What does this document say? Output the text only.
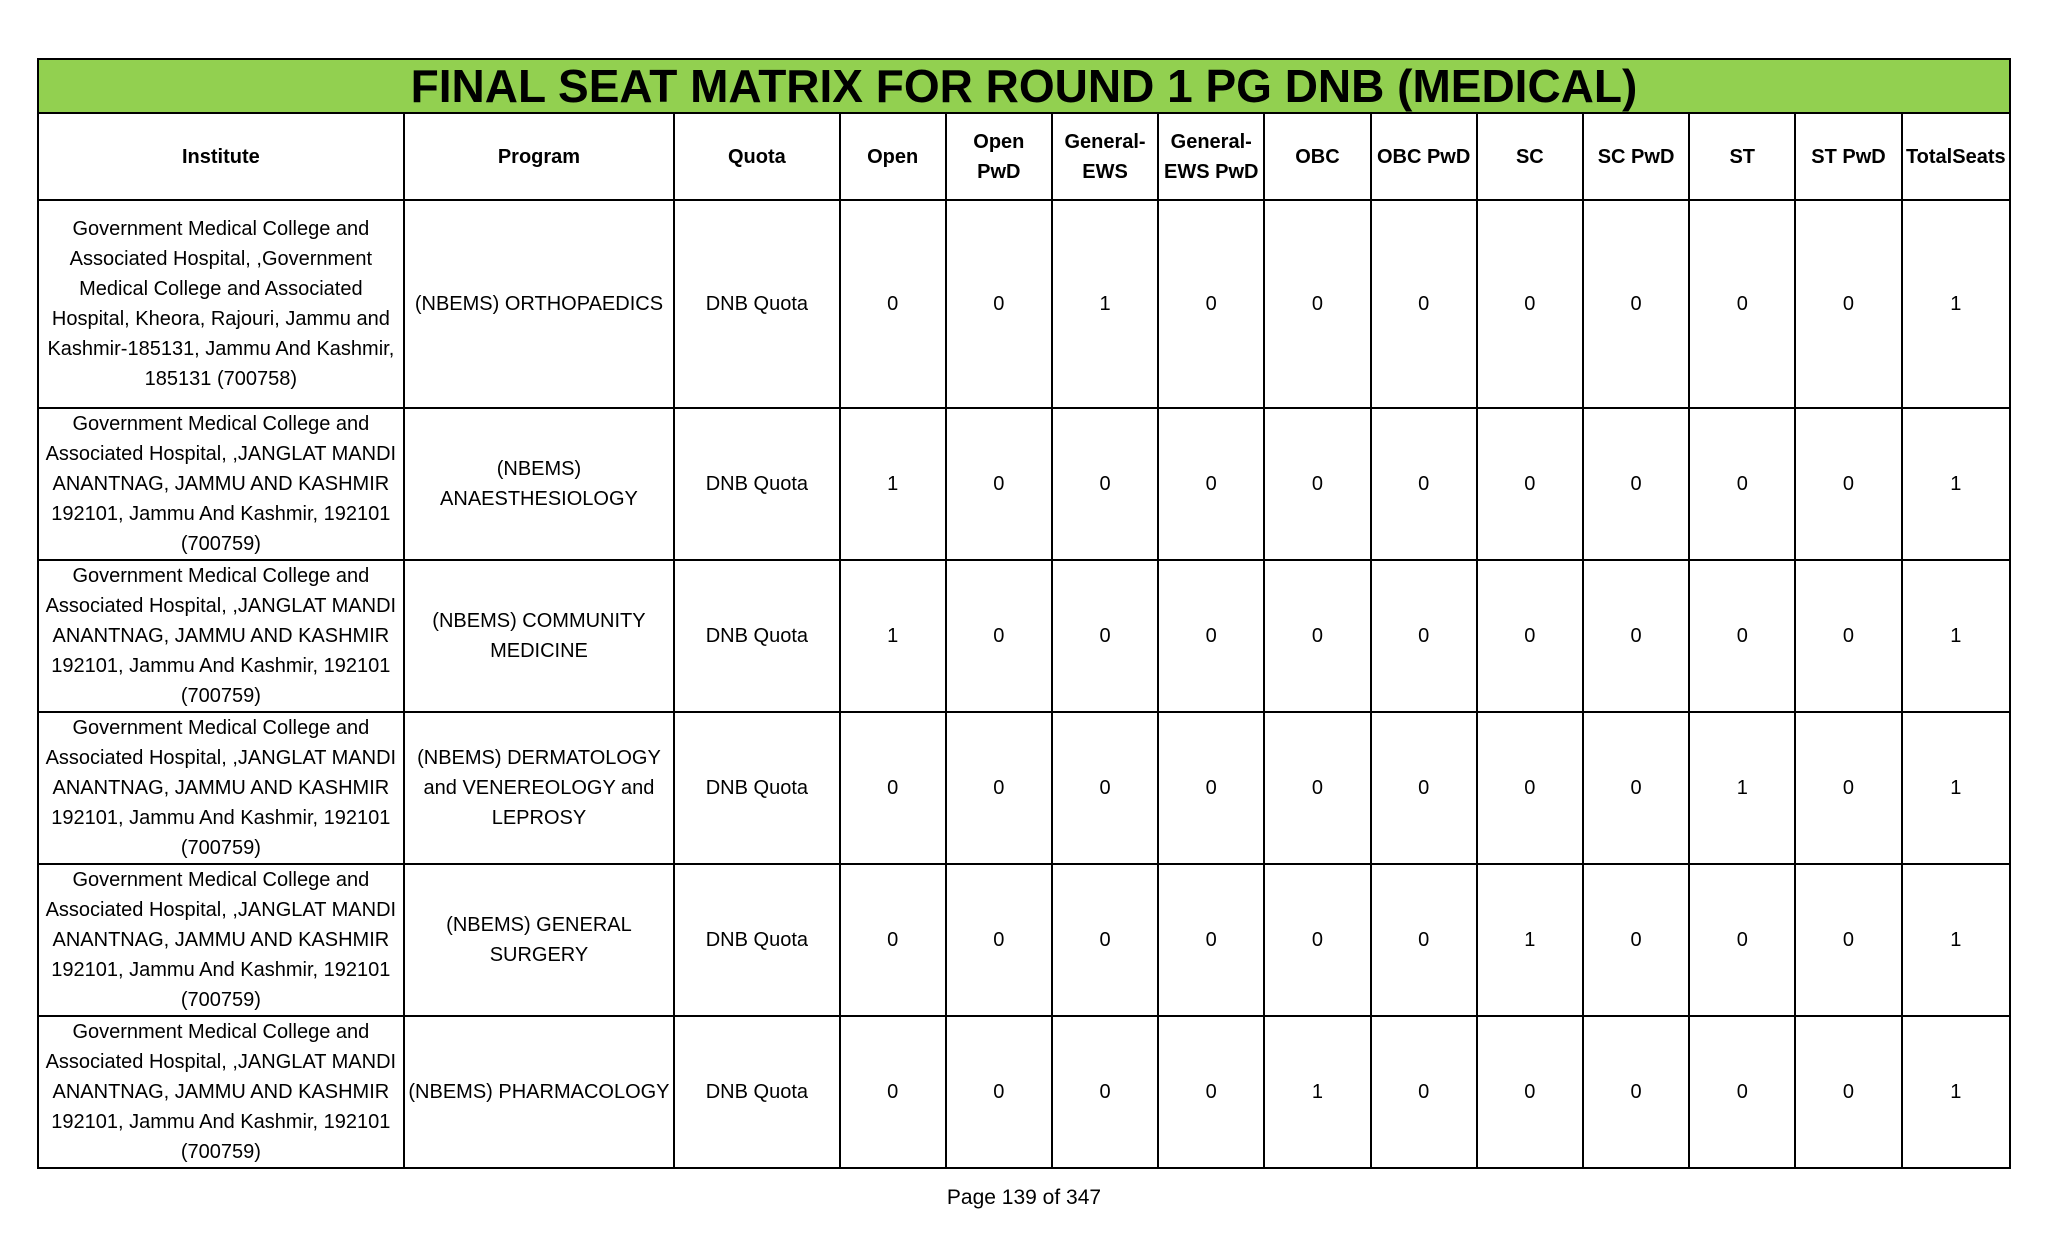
FINAL SEAT MATRIX FOR ROUND 1 PG DNB (MEDICAL)													
Institute	Program	Quota	Open	Open PwD	General-EWS	General-EWS PwD	OBC	OBC PwD	SC	SC PwD	ST	ST PwD	TotalSeats
Government Medical College and Associated Hospital, ,Government Medical College and Associated Hospital, Kheora, Rajouri, Jammu and Kashmir-185131, Jammu And Kashmir, 185131 (700758)	(NBEMS) ORTHOPAEDICS	DNB Quota	0	0	1	0	0	0	0	0	0	0	1
Government Medical College and Associated Hospital, ,JANGLAT MANDI ANANTNAG, JAMMU AND KASHMIR 192101, Jammu And Kashmir, 192101 (700759)	(NBEMS) ANAESTHESIOLOGY	DNB Quota	1	0	0	0	0	0	0	0	0	0	1
Government Medical College and Associated Hospital, ,JANGLAT MANDI ANANTNAG, JAMMU AND KASHMIR 192101, Jammu And Kashmir, 192101 (700759)	(NBEMS) COMMUNITY MEDICINE	DNB Quota	1	0	0	0	0	0	0	0	0	0	1
Government Medical College and Associated Hospital, ,JANGLAT MANDI ANANTNAG, JAMMU AND KASHMIR 192101, Jammu And Kashmir, 192101 (700759)	(NBEMS) DERMATOLOGY and VENEREOLOGY and LEPROSY	DNB Quota	0	0	0	0	0	0	0	0	1	0	1
Government Medical College and Associated Hospital, ,JANGLAT MANDI ANANTNAG, JAMMU AND KASHMIR 192101, Jammu And Kashmir, 192101 (700759)	(NBEMS) GENERAL SURGERY	DNB Quota	0	0	0	0	0	0	1	0	0	0	1
Government Medical College and Associated Hospital, ,JANGLAT MANDI ANANTNAG, JAMMU AND KASHMIR 192101, Jammu And Kashmir, 192101 (700759)	(NBEMS) PHARMACOLOGY	DNB Quota	0	0	0	0	1	0	0	0	0	0	1
Page 139 of 347
